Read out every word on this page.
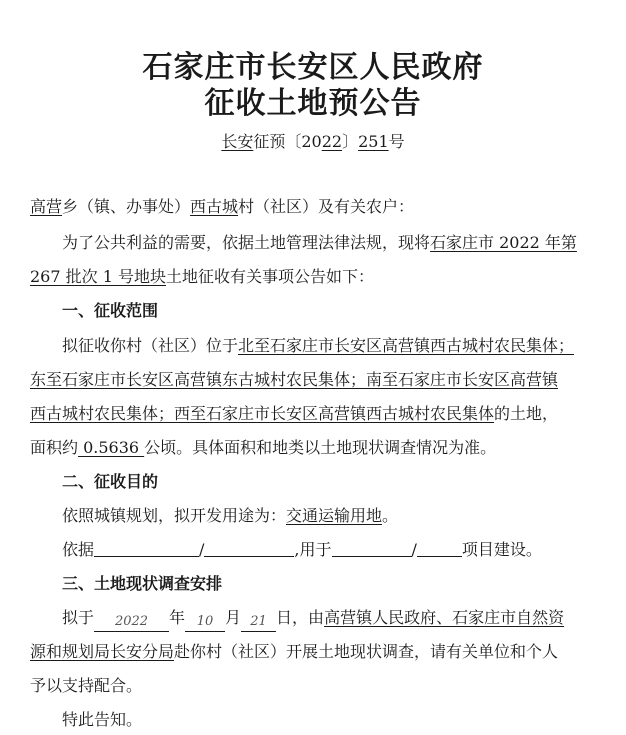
石家庄市长安区人民政府
征收土地预公告
长安征预〔2022〕251号
高营乡（镇、办事处）西古城村（社区）及有关农户：
为了公共利益的需要，依据土地管理法律法规，现将石家庄市 2022 年第
267 批次 1 号地块土地征收有关事项公告如下：
一、征收范围
拟征收你村（社区）位于北至石家庄市长安区高营镇西古城村农民集体；
东至石家庄市长安区高营镇东古城村农民集体；南至石家庄市长安区高营镇
西古城村农民集体；西至石家庄市长安区高营镇西古城村农民集体的土地，
面积约 0.5636 公顷。具体面积和地类以土地现状调查情况为准。
二、征收目的
依照城镇规划，拟开发用途为：交通运输用地。
依据	/	,用于	/	项目建设。
三、土地现状调查安排
拟于 2022 年 10 月 21 日，由高营镇人民政府、石家庄市自然资
源和规划局长安分局赴你村（社区）开展土地现状调查，请有关单位和个人
予以支持配合。
特此告知。
